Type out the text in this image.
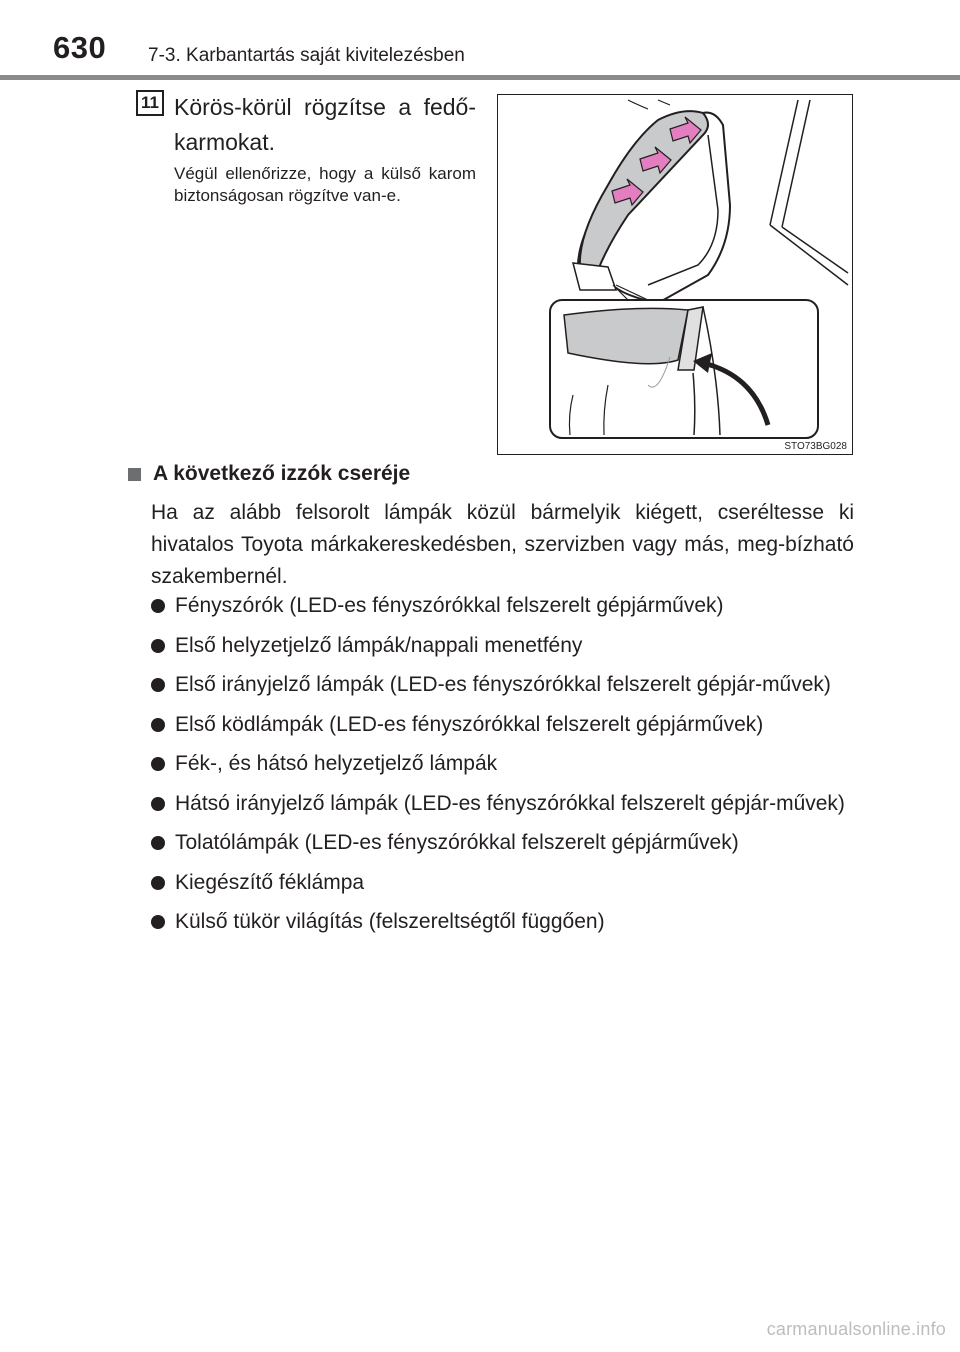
630 7-3. Karbantartás saját kivitelezésben
11 Körös-körül rögzítse a fedő-karmokat.
Végül ellenőrizze, hogy a külső karom biztonságosan rögzítve van-e.
STO73BG028
A következő izzók cseréje
Ha az alább felsorolt lámpák közül bármelyik kiégett, cseréltesse ki hivatalos Toyota márkakereskedésben, szervizben vagy más, meg-bízható szakembernél.
Fényszórók (LED-es fényszórókkal felszerelt gépjárművek)
Első helyzetjelző lámpák/nappali menetfény
Első irányjelző lámpák (LED-es fényszórókkal felszerelt gépjár-művek)
Első ködlámpák (LED-es fényszórókkal felszerelt gépjárművek)
Fék-, és hátsó helyzetjelző lámpák
Hátsó irányjelző lámpák (LED-es fényszórókkal felszerelt gépjár-művek)
Tolatólámpák (LED-es fényszórókkal felszerelt gépjárművek)
Kiegészítő féklámpa
Külső tükör világítás (felszereltségtől függően)
carmanualsonline.info
